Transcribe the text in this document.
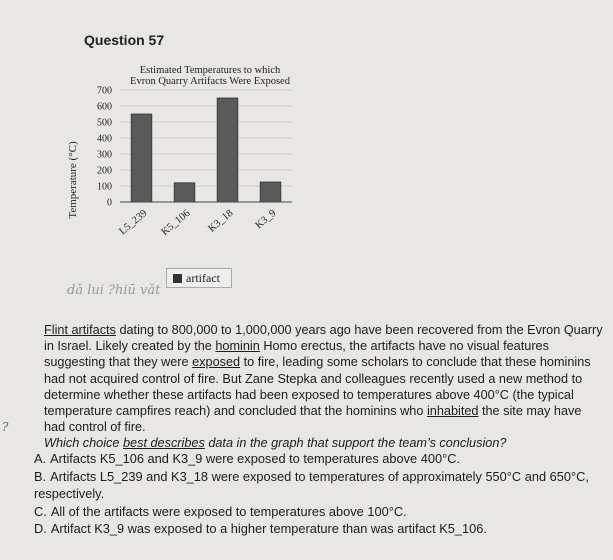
Question 57
Estimated Temperatures to which
Evron Quarry Artifacts Were Exposed
Temperature (°C)	0
100
200
300
400
500
600
700
L5_239 K5_106 K3_18 K3_9
artifact
dǎ lui ?hiū vǎt

Flint artifacts dating to 800,000 to 1,000,000 years ago have been recovered from the Evron Quarry in Israel. Likely created by the hominin Homo erectus, the artifacts have no visual features suggesting that they were exposed to fire, leading some scholars to conclude that these hominins had not acquired control of fire. But Zane Stepka and colleagues recently used a new method to determine whether these artifacts had been exposed to temperatures above 400°C (the typical temperature campfires reach) and concluded that the hominins who inhabited the site may have had control of fire.

?
Which choice best describes data in the graph that support the team’s conclusion?
A. Artifacts K5_106 and K3_9 were exposed to temperatures above 400°C.
B. Artifacts L5_239 and K3_18 were exposed to temperatures of approximately 550°C and 650°C, respectively.
C. All of the artifacts were exposed to temperatures above 100°C.
D. Artifact K3_9 was exposed to a higher temperature than was artifact K5_106.
